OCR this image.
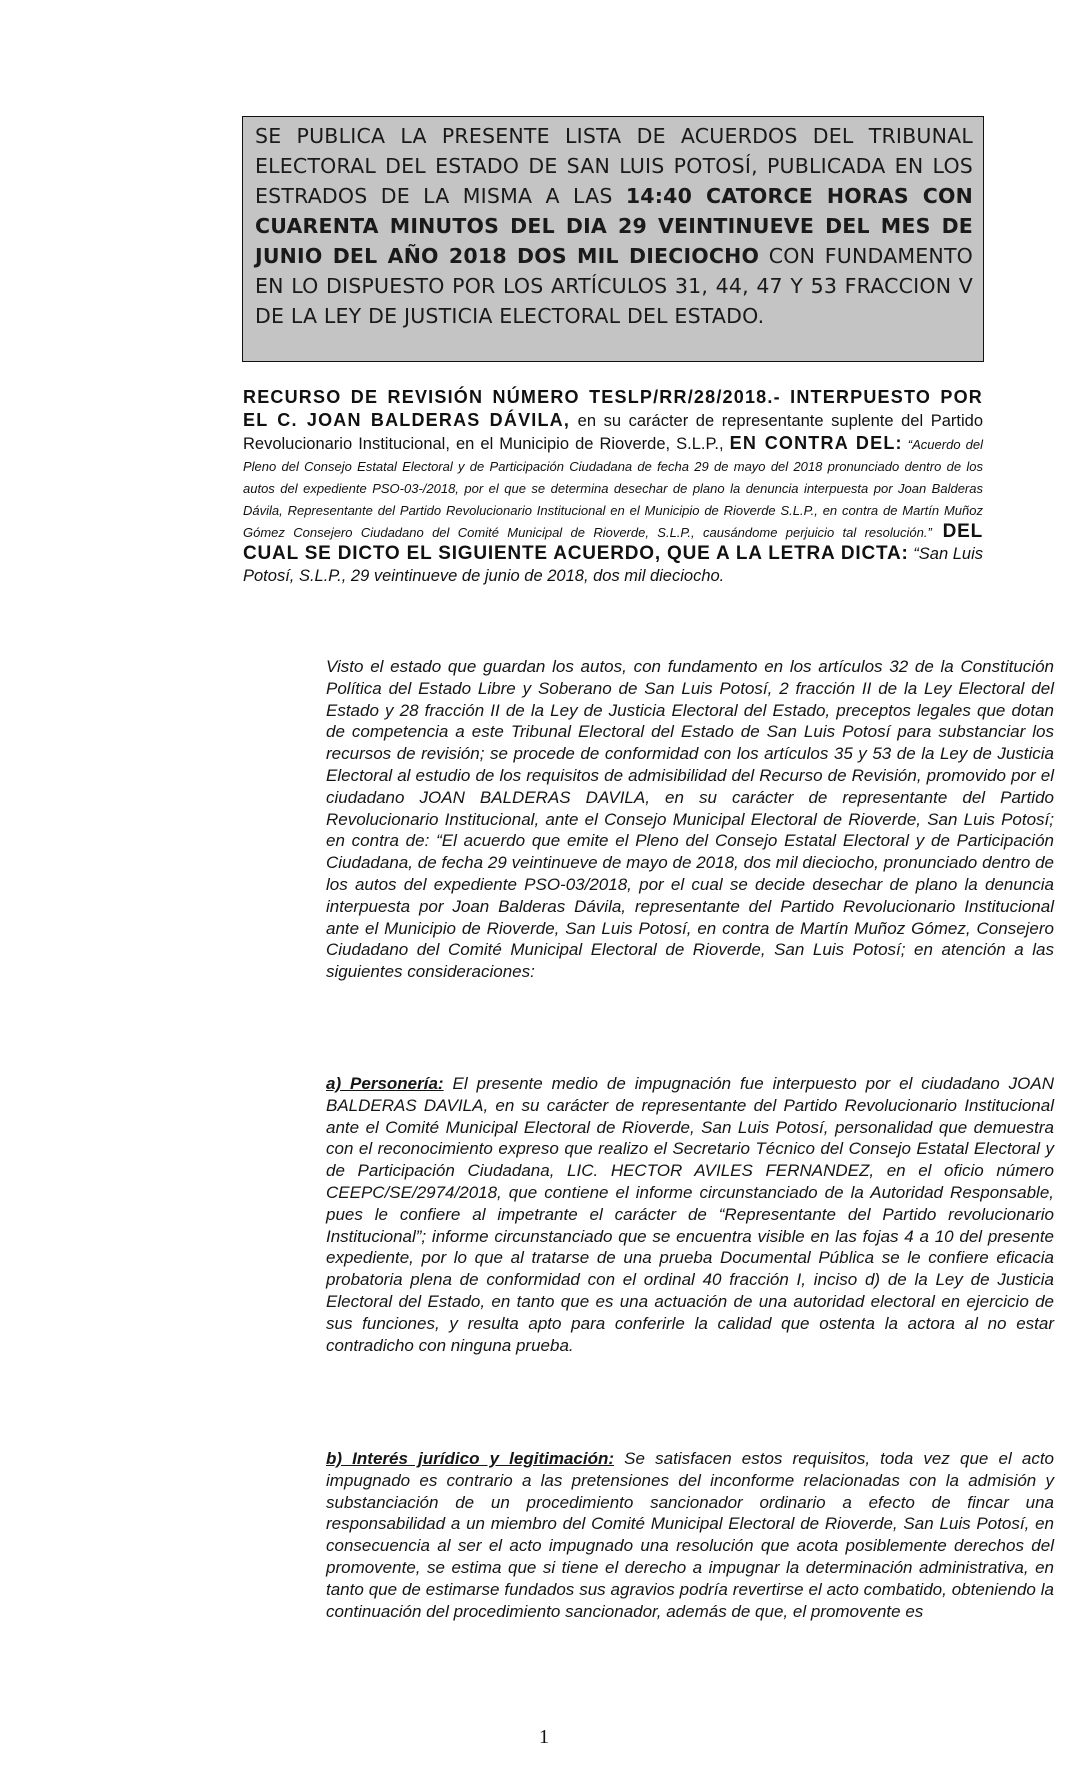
SE PUBLICA LA PRESENTE LISTA DE ACUERDOS DEL TRIBUNAL ELECTORAL DEL ESTADO DE SAN LUIS POTOSÍ, PUBLICADA EN LOS ESTRADOS DE LA MISMA A LAS 14:40 CATORCE HORAS CON CUARENTA MINUTOS DEL DIA 29 VEINTINUEVE DEL MES DE JUNIO DEL AÑO 2018 DOS MIL DIECIOCHO CON FUNDAMENTO EN LO DISPUESTO POR LOS ARTÍCULOS 31, 44, 47 Y 53 FRACCION V DE LA LEY DE JUSTICIA ELECTORAL DEL ESTADO.
RECURSO DE REVISIÓN NÚMERO TESLP/RR/28/2018.- INTERPUESTO POR EL C. JOAN BALDERAS DÁVILA, en su carácter de representante suplente del Partido Revolucionario Institucional, en el Municipio de Rioverde, S.L.P., EN CONTRA DEL: “Acuerdo del Pleno del Consejo Estatal Electoral y de Participación Ciudadana de fecha 29 de mayo del 2018 pronunciado dentro de los autos del expediente PSO-03-/2018, por el que se determina desechar de plano la denuncia interpuesta por Joan Balderas Dávila, Representante del Partido Revolucionario Institucional en el Municipio de Rioverde S.L.P., en contra de Martín Muñoz Gómez Consejero Ciudadano del Comité Municipal de Rioverde, S.L.P., causándome perjuicio tal resolución.” DEL CUAL SE DICTO EL SIGUIENTE ACUERDO, QUE A LA LETRA DICTA: “San Luis Potosí, S.L.P., 29 veintinueve de junio de 2018, dos mil dieciocho.
Visto el estado que guardan los autos, con fundamento en los artículos 32 de la Constitución Política del Estado Libre y Soberano de San Luis Potosí, 2 fracción II de la Ley Electoral del Estado y 28 fracción II de la Ley de Justicia Electoral del Estado, preceptos legales que dotan de competencia a este Tribunal Electoral del Estado de San Luis Potosí para substanciar los recursos de revisión; se procede de conformidad con los artículos 35 y 53 de la Ley de Justicia Electoral al estudio de los requisitos de admisibilidad del Recurso de Revisión, promovido por el ciudadano JOAN BALDERAS DAVILA, en su carácter de representante del Partido Revolucionario Institucional, ante el Consejo Municipal Electoral de Rioverde, San Luis Potosí; en contra de: “El acuerdo que emite el Pleno del Consejo Estatal Electoral y de Participación Ciudadana, de fecha 29 veintinueve de mayo de 2018, dos mil dieciocho, pronunciado dentro de los autos del expediente PSO-03/2018, por el cual se decide desechar de plano la denuncia interpuesta por Joan Balderas Dávila, representante del Partido Revolucionario Institucional ante el Municipio de Rioverde, San Luis Potosí, en contra de Martín Muñoz Gómez, Consejero Ciudadano del Comité Municipal Electoral de Rioverde, San Luis Potosí; en atención a las siguientes consideraciones:
a) Personería: El presente medio de impugnación fue interpuesto por el ciudadano JOAN BALDERAS DAVILA, en su carácter de representante del Partido Revolucionario Institucional ante el Comité Municipal Electoral de Rioverde, San Luis Potosí, personalidad que demuestra con el reconocimiento expreso que realizo el Secretario Técnico del Consejo Estatal Electoral y de Participación Ciudadana, LIC. HECTOR AVILES FERNANDEZ, en el oficio número CEEPC/SE/2974/2018, que contiene el informe circunstanciado de la Autoridad Responsable, pues le confiere al impetrante el carácter de “Representante del Partido revolucionario Institucional”; informe circunstanciado que se encuentra visible en las fojas 4 a 10 del presente expediente, por lo que al tratarse de una prueba Documental Pública se le confiere eficacia probatoria plena de conformidad con el ordinal 40 fracción I, inciso d) de la Ley de Justicia Electoral del Estado, en tanto que es una actuación de una autoridad electoral en ejercicio de sus funciones, y resulta apto para conferirle la calidad que ostenta la actora al no estar contradicho con ninguna prueba.
b) Interés jurídico y legitimación: Se satisfacen estos requisitos, toda vez que el acto impugnado es contrario a las pretensiones del inconforme relacionadas con la admisión y substanciación de un procedimiento sancionador ordinario a efecto de fincar una responsabilidad a un miembro del Comité Municipal Electoral de Rioverde, San Luis Potosí, en consecuencia al ser el acto impugnado una resolución que acota posiblemente derechos del promovente, se estima que si tiene el derecho a impugnar la determinación administrativa, en tanto que de estimarse fundados sus agravios podría revertirse el acto combatido, obteniendo la continuación del procedimiento sancionador, además de que, el promovente es
1
